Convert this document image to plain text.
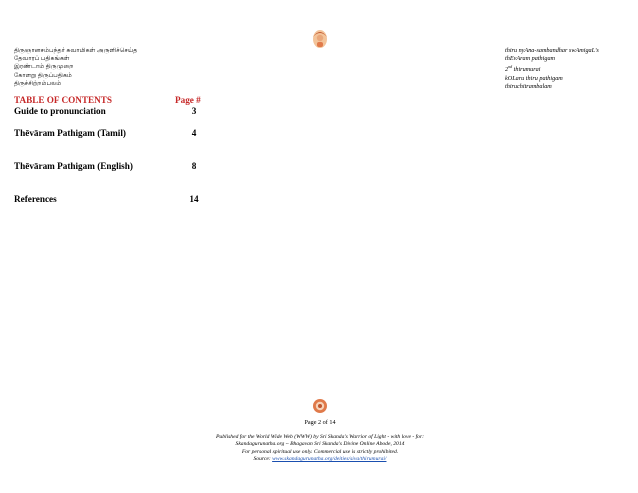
திருஞானசம்பந்தர் சுவாமிகள் அருளிச்செய்த
தேவாரப் பதிகங்கள்
இரண்டாம் திருமுறை
கோளறு திருப்பதிகம்
திருச்சிற்றம்பலம்
thiru nyAna-sambandhar swAmigaL's
thEvAram pathigam
2nd thirumurai
kOLaru thiru pathigam
thiruchitrambalam
TABLE OF CONTENTS	Page #
Guide to pronunciation	3
Thēvāram Pathigam (Tamil)	4
Thēvāram Pathigam (English)	8
References	14
Page 2 of 14
Published for the World Wide Web (WWW) by Sri Skanda's Warrior of Light - with love - for:
Skandagurunatha.org ~ Bhagavan Sri Skanda's Divine Online Abode, 2014
For personal spiritual use only. Commercial use is strictly prohibited.
Source: www.skandagurunatha.org/deities/siva/thirumurai/
